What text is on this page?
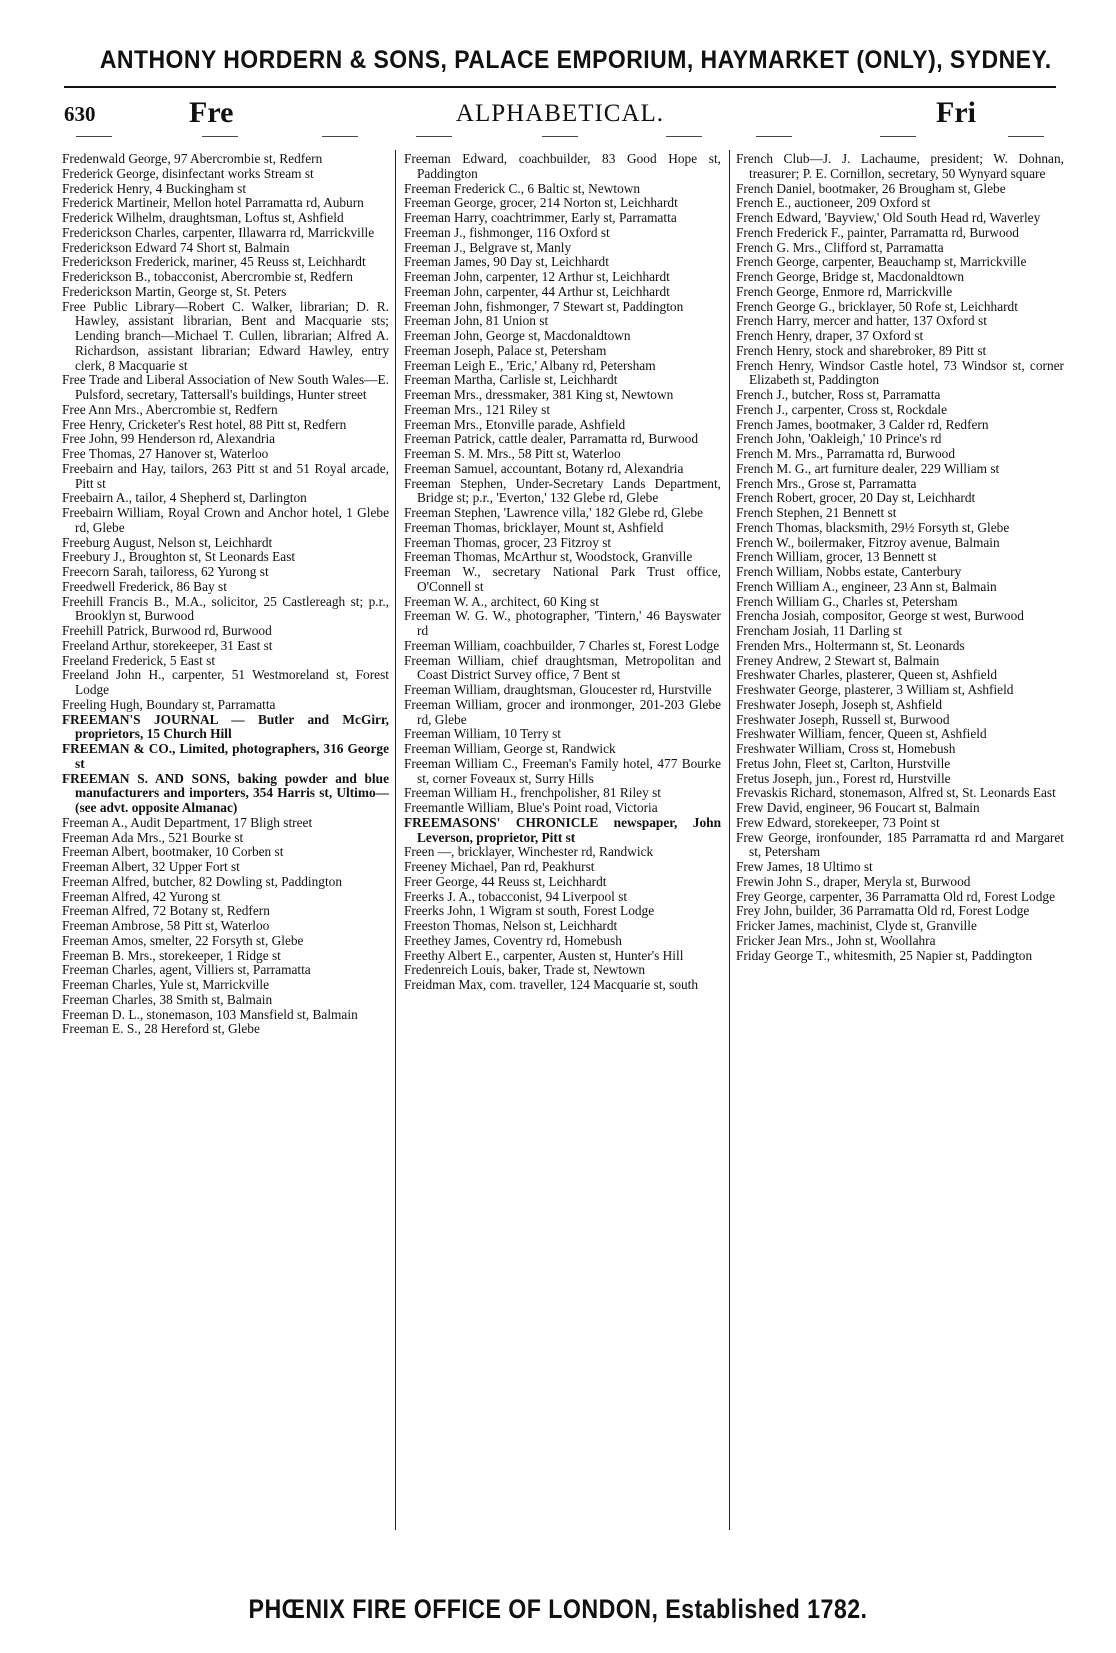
ANTHONY HORDERN & SONS, PALACE EMPORIUM, HAYMARKET (ONLY), SYDNEY.
630	Fre	ALPHABETICAL.	Fri
Fredenwald George, 97 Abercrombie st, Redfern
Frederick George, disinfectant works Stream st
Frederick Henry, 4 Buckingham st
Frederick Martineir, Mellon hotel Parramatta rd, Auburn
Frederick Wilhelm, draughtsman, Loftus st, Ashfield
Frederickson Charles, carpenter, Illawarra rd, Marrickville
Frederickson Edward 74 Short st, Balmain
Frederickson Frederick, mariner, 45 Reuss st, Leichhardt
Frederickson B., tobacconist, Abercrombie st, Redfern
Frederickson Martin, George st, St. Peters
Free Public Library—Robert C. Walker, librarian; D. R. Hawley, assistant librarian, Bent and Macquarie sts; Lending branch—Michael T. Cullen, librarian; Alfred A. Richardson, assistant librarian; Edward Hawley, entry clerk, 8 Macquarie st
Free Trade and Liberal Association of New South Wales—E. Pulsford, secretary, Tattersall's buildings, Hunter street
Free Ann Mrs., Abercrombie st, Redfern
Free Henry, Cricketer's Rest hotel, 88 Pitt st, Redfern
Free John, 99 Henderson rd, Alexandria
Free Thomas, 27 Hanover st, Waterloo
Freebairn and Hay, tailors, 263 Pitt st and 51 Royal arcade, Pitt st
Freebairn A., tailor, 4 Shepherd st, Darlington
Freebairn William, Royal Crown and Anchor hotel, 1 Glebe rd, Glebe
Freeburg August, Nelson st, Leichhardt
Freebury J., Broughton st, St Leonards East
Freecorn Sarah, tailoress, 62 Yurong st
Freedwell Frederick, 86 Bay st
Freehill Francis B., M.A., solicitor, 25 Castlereagh st; p.r., Brooklyn st, Burwood
Freehill Patrick, Burwood rd, Burwood
Freeland Arthur, storekeeper, 31 East st
Freeland Frederick, 5 East st
Freeland John H., carpenter, 51 Westmoreland st, Forest Lodge
Freeling Hugh, Boundary st, Parramatta
FREEMAN'S JOURNAL — Butler and McGirr, proprietors, 15 Church Hill
FREEMAN & CO., Limited, photographers, 316 George st
FREEMAN S. AND SONS, baking powder and blue manufacturers and importers, 354 Harris st, Ultimo—(see advt. opposite Almanac)
Freeman A., Audit Department, 17 Bligh street
Freeman Ada Mrs., 521 Bourke st
Freeman Albert, bootmaker, 10 Corben st
Freeman Albert, 32 Upper Fort st
Freeman Alfred, butcher, 82 Dowling st, Paddington
Freeman Alfred, 42 Yurong st
Freeman Alfred, 72 Botany st, Redfern
Freeman Ambrose, 58 Pitt st, Waterloo
Freeman Amos, smelter, 22 Forsyth st, Glebe
Freeman B. Mrs., storekeeper, 1 Ridge st
Freeman Charles, agent, Villiers st, Parramatta
Freeman Charles, Yule st, Marrickville
Freeman Charles, 38 Smith st, Balmain
Freeman D. L., stonemason, 103 Mansfield st, Balmain
Freeman E. S., 28 Hereford st, Glebe
Freeman Edward, coachbuilder, 83 Good Hope st, Paddington
Freeman Frederick C., 6 Baltic st, Newtown
Freeman George, grocer, 214 Norton st, Leichhardt
Freeman Harry, coachtrimmer, Early st, Parramatta
Freeman J., fishmonger, 116 Oxford st
Freeman J., Belgrave st, Manly
Freeman James, 90 Day st, Leichhardt
Freeman John, carpenter, 12 Arthur st, Leichhardt
Freeman John, carpenter, 44 Arthur st, Leichhardt
Freeman John, fishmonger, 7 Stewart st, Paddington
Freeman John, 81 Union st
Freeman John, George st, Macdonaldtown
Freeman Joseph, Palace st, Petersham
Freeman Leigh E., 'Eric,' Albany rd, Petersham
Freeman Martha, Carlisle st, Leichhardt
Freeman Mrs., dressmaker, 381 King st, Newtown
Freeman Mrs., 121 Riley st
Freeman Mrs., Etonville parade, Ashfield
Freeman Patrick, cattle dealer, Parramatta rd, Burwood
Freeman S. M. Mrs., 58 Pitt st, Waterloo
Freeman Samuel, accountant, Botany rd, Alexandria
Freeman Stephen, Under-Secretary Lands Department, Bridge st; p.r., 'Everton,' 132 Glebe rd, Glebe
Freeman Stephen, 'Lawrence villa,' 182 Glebe rd, Glebe
Freeman Thomas, bricklayer, Mount st, Ashfield
Freeman Thomas, grocer, 23 Fitzroy st
Freeman Thomas, McArthur st, Woodstock, Granville
Freeman W., secretary National Park Trust office, O'Connell st
Freeman W. A., architect, 60 King st
Freeman W. G. W., photographer, 'Tintern,' 46 Bayswater rd
Freeman William, coachbuilder, 7 Charles st, Forest Lodge
Freeman William, chief draughtsman, Metropolitan and Coast District Survey office, 7 Bent st
Freeman William, draughtsman, Gloucester rd, Hurstville
Freeman William, grocer and ironmonger, 201-203 Glebe rd, Glebe
Freeman William, 10 Terry st
Freeman William, George st, Randwick
Freeman William C., Freeman's Family hotel, 477 Bourke st, corner Foveaux st, Surry Hills
Freeman William H., frenchpolisher, 81 Riley st
Freemantle William, Blue's Point road, Victoria
FREEMASONS' CHRONICLE newspaper, John Leverson, proprietor, Pitt st
Freen —, bricklayer, Winchester rd, Randwick
Freeney Michael, Pan rd, Peakhurst
Freer George, 44 Reuss st, Leichhardt
Freerks J. A., tobacconist, 94 Liverpool st
Freerks John, 1 Wigram st south, Forest Lodge
Freeston Thomas, Nelson st, Leichhardt
Freethey James, Coventry rd, Homebush
Freethy Albert E., carpenter, Austen st, Hunter's Hill
Fredenreich Louis, baker, Trade st, Newtown
Freidman Max, com. traveller, 124 Macquarie st, south
French Club—J. J. Lachaume, president; W. Dohnan, treasurer; P. E. Cornillon, secretary, 50 Wynyard square
French Daniel, bootmaker, 26 Brougham st, Glebe
French E., auctioneer, 209 Oxford st
French Edward, 'Bayview,' Old South Head rd, Waverley
French Frederick F., painter, Parramatta rd, Burwood
French G. Mrs., Clifford st, Parramatta
French George, carpenter, Beauchamp st, Marrickville
French George, Bridge st, Macdonaldtown
French George, Enmore rd, Marrickville
French George G., bricklayer, 50 Rofe st, Leichhardt
French Harry, mercer and hatter, 137 Oxford st
French Henry, draper, 37 Oxford st
French Henry, stock and sharebroker, 89 Pitt st
French Henry, Windsor Castle hotel, 73 Windsor st, corner Elizabeth st, Paddington
French J., butcher, Ross st, Parramatta
French J., carpenter, Cross st, Rockdale
French James, bootmaker, 3 Calder rd, Redfern
French John, 'Oakleigh,' 10 Prince's rd
French M. Mrs., Parramatta rd, Burwood
French M. G., art furniture dealer, 229 William st
French Mrs., Grose st, Parramatta
French Robert, grocer, 20 Day st, Leichhardt
French Stephen, 21 Bennett st
French Thomas, blacksmith, 29½ Forsyth st, Glebe
French W., boilermaker, Fitzroy avenue, Balmain
French William, grocer, 13 Bennett st
French William, Nobbs estate, Canterbury
French William A., engineer, 23 Ann st, Balmain
French William G., Charles st, Petersham
Frencha Josiah, compositor, George st west, Burwood
Frencham Josiah, 11 Darling st
Frenden Mrs., Holtermann st, St. Leonards
Freney Andrew, 2 Stewart st, Balmain
Freshwater Charles, plasterer, Queen st, Ashfield
Freshwater George, plasterer, 3 William st, Ashfield
Freshwater Joseph, Joseph st, Ashfield
Freshwater Joseph, Russell st, Burwood
Freshwater William, fencer, Queen st, Ashfield
Freshwater William, Cross st, Homebush
Fretus John, Fleet st, Carlton, Hurstville
Fretus Joseph, jun., Forest rd, Hurstville
Frevaskis Richard, stonemason, Alfred st, St. Leonards East
Frew David, engineer, 96 Foucart st, Balmain
Frew Edward, storekeeper, 73 Point st
Frew George, ironfounder, 185 Parramatta rd and Margaret st, Petersham
Frew James, 18 Ultimo st
Frewin John S., draper, Meryla st, Burwood
Frey George, carpenter, 36 Parramatta Old rd, Forest Lodge
Frey John, builder, 36 Parramatta Old rd, Forest Lodge
Fricker James, machinist, Clyde st, Granville
Fricker Jean Mrs., John st, Woollahra
Friday George T., whitesmith, 25 Napier st, Paddington
PHŒNIX FIRE OFFICE OF LONDON, Established 1782.
